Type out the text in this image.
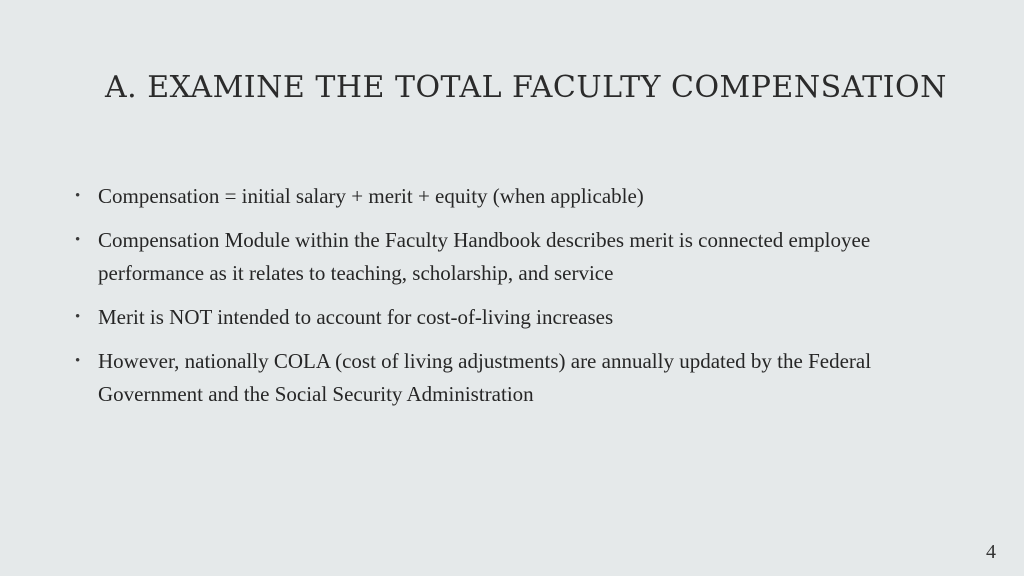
A. EXAMINE THE TOTAL FACULTY COMPENSATION
• Compensation = initial salary + merit + equity (when applicable)
• Compensation Module within the Faculty Handbook describes merit is connected employee performance as it relates to teaching, scholarship, and service
• Merit is NOT intended to account for cost-of-living increases
• However, nationally COLA (cost of living adjustments) are annually updated by the Federal Government and the Social Security Administration
4
